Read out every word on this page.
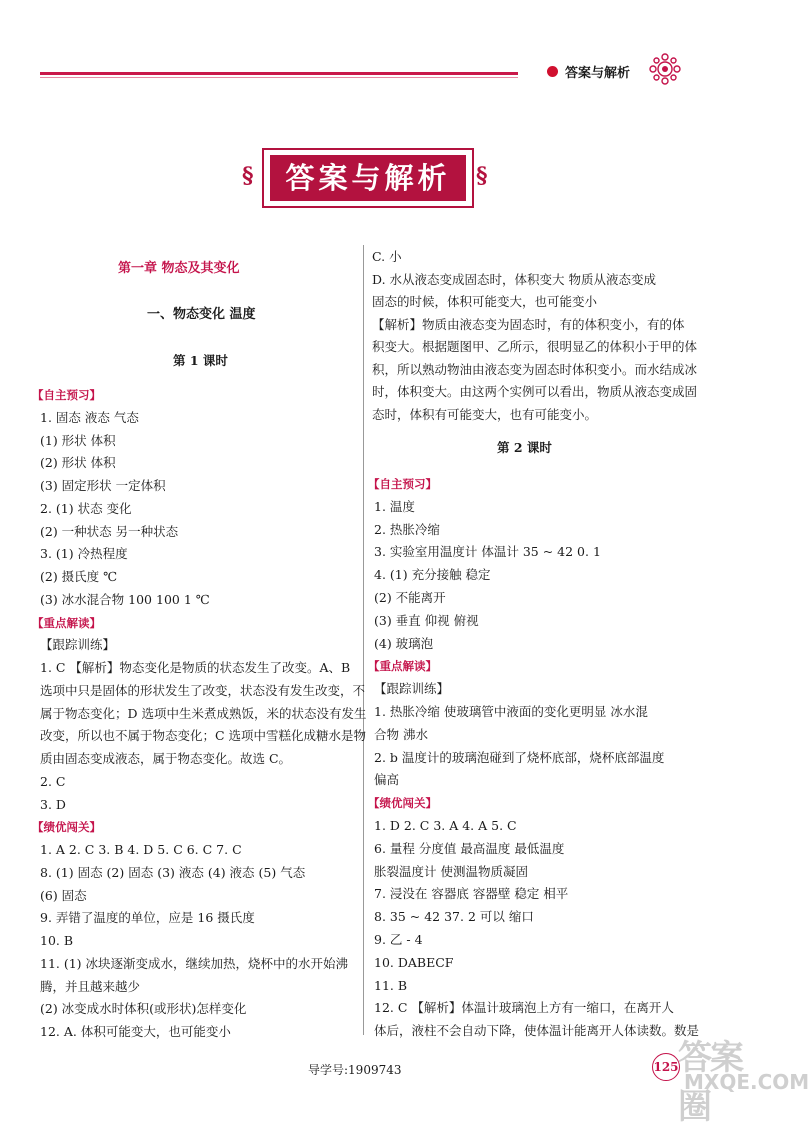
答案与解析
§	答案与解析	§
第一章 物态及其变化
一、物态变化 温度
第 1 课时
【自主预习】
1. 固态 液态 气态
(1) 形状 体积
(2) 形状 体积
(3) 固定形状 一定体积
2. (1) 状态 变化
(2) 一种状态 另一种状态
3. (1) 冷热程度
(2) 摄氏度 ℃
(3) 冰水混合物 100 100 1 ℃
【重点解读】
【跟踪训练】
1. C 【解析】物态变化是物质的状态发生了改变。A、B
选项中只是固体的形状发生了改变，状态没有发生改变，不
属于物态变化；D 选项中生米煮成熟饭，米的状态没有发生
改变，所以也不属于物态变化；C 选项中雪糕化成糖水是物
质由固态变成液态，属于物态变化。故选 C。
2. C
3. D
【绩优闯关】
1. A 2. C 3. B 4. D 5. C 6. C 7. C
8. (1) 固态 (2) 固态 (3) 液态 (4) 液态 (5) 气态
(6) 固态
9. 弄错了温度的单位，应是 16 摄氏度
10. B
11. (1) 冰块逐渐变成水，继续加热，烧杯中的水开始沸
腾，并且越来越少
(2) 冰变成水时体积(或形状)怎样变化
12. A. 体积可能变大，也可能变小
第 2 课时
C. 小
D. 水从液态变成固态时，体积变大 物质从液态变成
固态的时候，体积可能变大，也可能变小
【解析】物质由液态变为固态时，有的体积变小，有的体
积变大。根据题图甲、乙所示，很明显乙的体积小于甲的体
积，所以熟动物油由液态变为固态时体积变小。而水结成冰
时，体积变大。由这两个实例可以看出，物质从液态变成固
态时，体积有可能变大，也有可能变小。
【自主预习】
1. 温度
2. 热胀冷缩
3. 实验室用温度计 体温计 35 ~ 42 0. 1
4. (1) 充分接触 稳定
(2) 不能离开
(3) 垂直 仰视 俯视
(4) 玻璃泡
【重点解读】
【跟踪训练】
1. 热胀冷缩 使玻璃管中液面的变化更明显 冰水混
合物 沸水
2. b 温度计的玻璃泡碰到了烧杯底部，烧杯底部温度
偏高
【绩优闯关】
1. D 2. C 3. A 4. A 5. C
6. 量程 分度值 最高温度 最低温度
胀裂温度计 使测温物质凝固
7. 浸没在 容器底 容器壁 稳定 相平
8. 35 ~ 42 37. 2 可以 缩口
9. 乙 - 4
10. DABECF
11. B
12. C 【解析】体温计玻璃泡上方有一缩口，在离开人
体后，液柱不会自动下降，使体温计能离开人体读数。数是
导学号:1909743	125 答案圈
MXQE.COM
